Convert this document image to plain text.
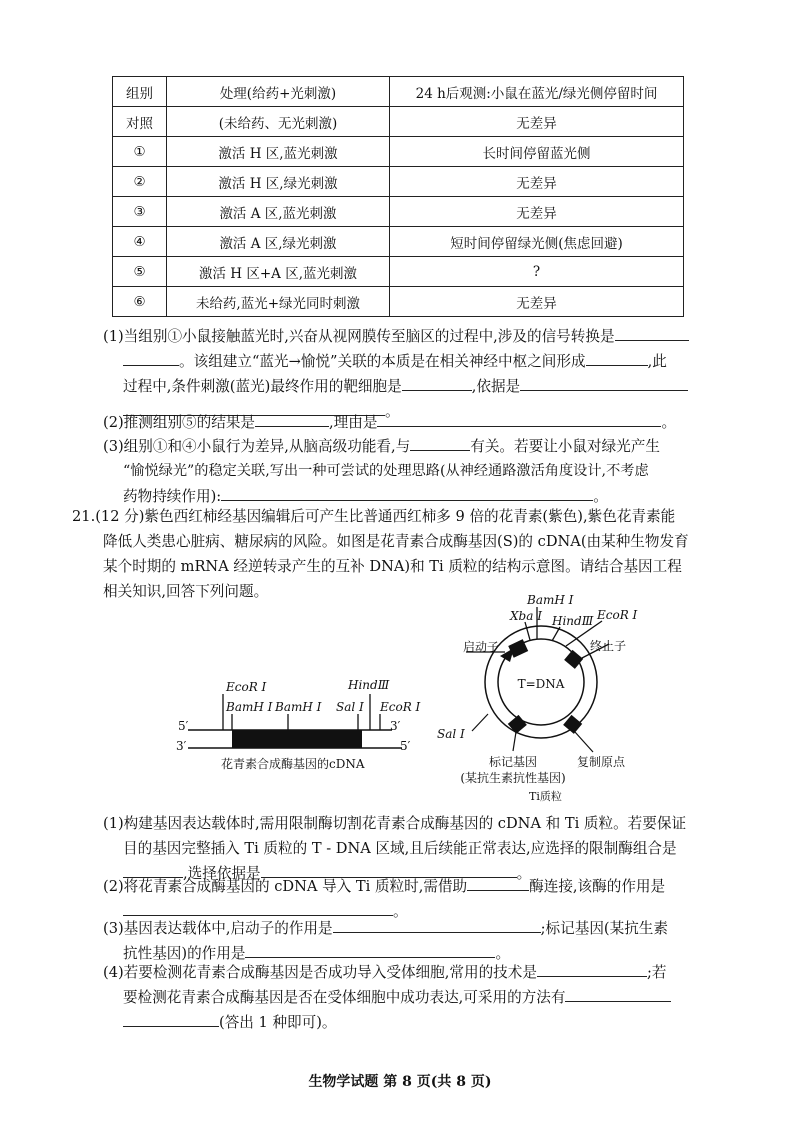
组别	处理(给药+光刺激)	24 h后观测:小鼠在蓝光/绿光侧停留时间
对照	(未给药、无光刺激)	无差异
①	激活 H 区,蓝光刺激	长时间停留蓝光侧
②	激活 H 区,绿光刺激	无差异
③	激活 A 区,蓝光刺激	无差异
④	激活 A 区,绿光刺激	短时间停留绿光侧(焦虑回避)
⑤	激活 H 区+A 区,蓝光刺激	?
⑥	未给药,蓝光+绿光同时刺激	无差异

(1)当组别①小鼠接触蓝光时,兴奋从视网膜传至脑区的过程中,涉及的信号转换是

。该组建立“蓝光→愉悦”关联的本质是在相关神经中枢之间形成	,此

过程中,条件刺激(蓝光)最终作用的靶细胞是	,依据是

。

(2)推测组别⑤的结果是	,理由是	。

(3)组别①和④小鼠行为差异,从脑高级功能看,与	有关。若要让小鼠对绿光产生

“愉悦绿光”的稳定关联,写出一种可尝试的处理思路(从神经通路激活角度设计,不考虑

药物持续作用):	。

21.(12 分)紫色西红柿经基因编辑后可产生比普通西红柿多 9 倍的花青素(紫色),紫色花青素能

降低人类患心脏病、糖尿病的风险。如图是花青素合成酶基因(S)的 cDNA(由某种生物发育

某个时期的 mRNA 经逆转录产生的互补 DNA)和 Ti 质粒的结构示意图。请结合基因工程

相关知识,回答下列问题。

EcoR Ⅰ	HindⅢ
BamH Ⅰ BamH Ⅰ Sal Ⅰ EcoR Ⅰ
5′	3′
3′	5′
花青素合成酶基因的cDNA
BamH Ⅰ
Xba Ⅰ HindⅢ EcoR Ⅰ
启动子	终止子
T=DNA
Sal Ⅰ
标记基因
(某抗生素抗性基因)
复制原点
Ti质粒

(1)构建基因表达载体时,需用限制酶切割花青素合成酶基因的 cDNA 和 Ti 质粒。若要保证

目的基因完整插入 Ti 质粒的 T - DNA 区域,且后续能正常表达,应选择的限制酶组合是

,选择依据是	。

(2)将花青素合成酶基因的 cDNA 导入 Ti 质粒时,需借助	酶连接,该酶的作用是

。

(3)基因表达载体中,启动子的作用是	;标记基因(某抗生素

抗性基因)的作用是	。

(4)若要检测花青素合成酶基因是否成功导入受体细胞,常用的技术是	;若

要检测花青素合成酶基因是否在受体细胞中成功表达,可采用的方法有

(答出 1 种即可)。

生物学试题 第 8 页(共 8 页)
